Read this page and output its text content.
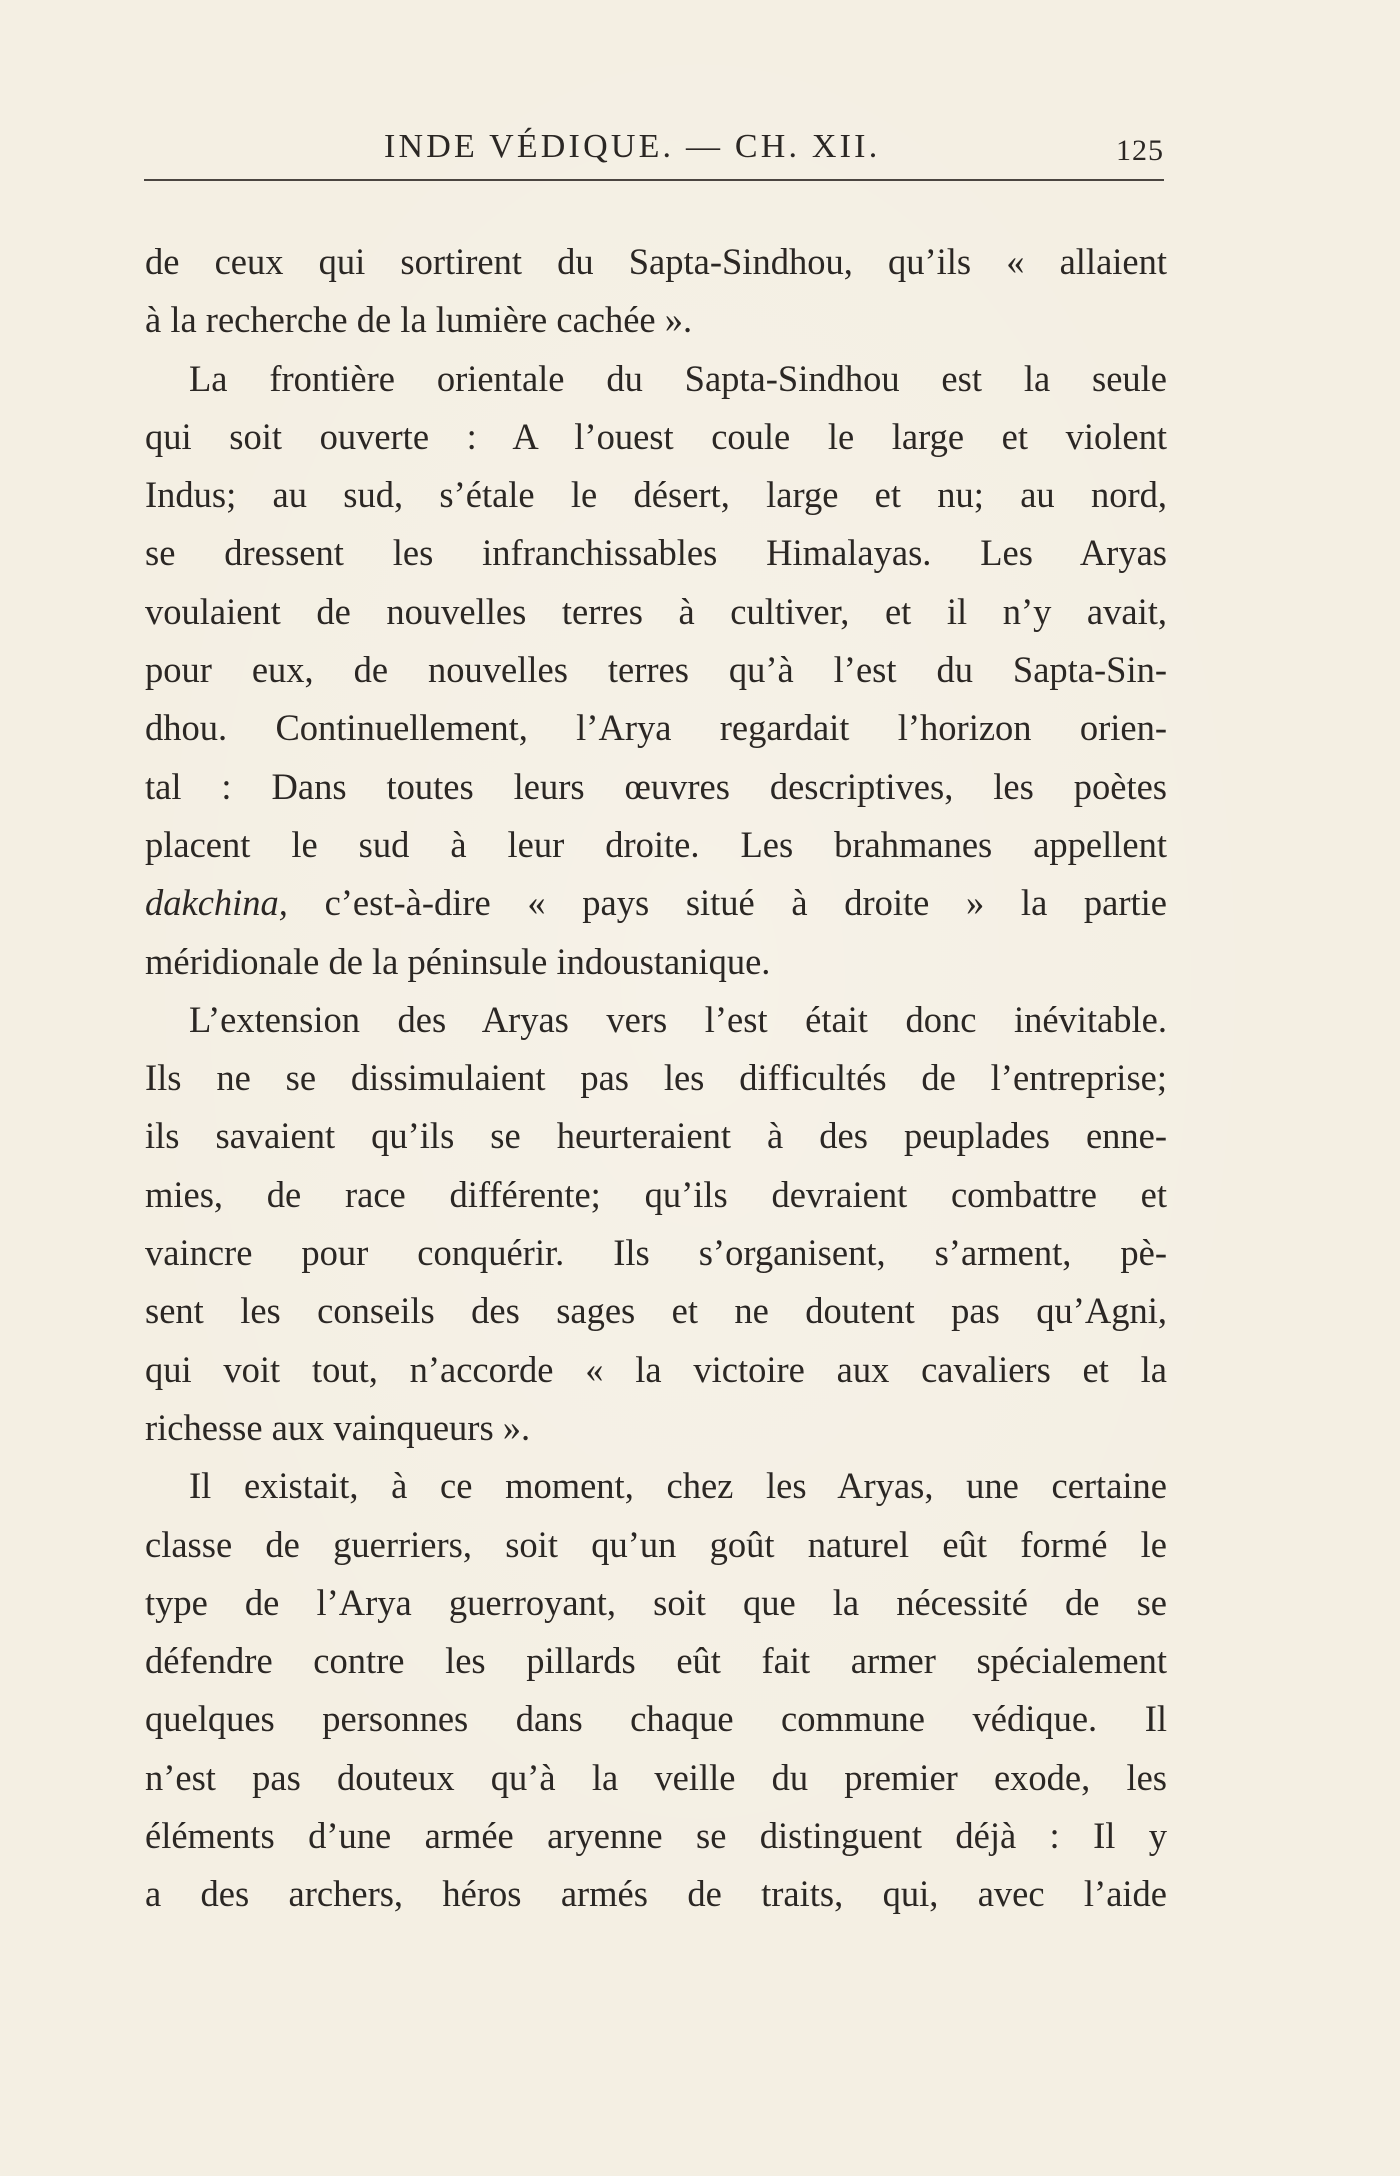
INDE VÉDIQUE. — CH. XII.	125
de ceux qui sortirent du Sapta-Sindhou, qu’ils « allaient
à la recherche de la lumière cachée ».
La frontière orientale du Sapta-Sindhou est la seule
qui soit ouverte : A l’ouest coule le large et violent
Indus; au sud, s’étale le désert, large et nu; au nord,
se dressent les infranchissables Himalayas. Les Aryas
voulaient de nouvelles terres à cultiver, et il n’y avait,
pour eux, de nouvelles terres qu’à l’est du Sapta-Sin-
dhou. Continuellement, l’Arya regardait l’horizon orien-
tal : Dans toutes leurs œuvres descriptives, les poètes
placent le sud à leur droite. Les brahmanes appellent
dakchina, c’est-à-dire « pays situé à droite » la partie
méridionale de la péninsule indoustanique.
L’extension des Aryas vers l’est était donc inévitable.
Ils ne se dissimulaient pas les difficultés de l’entreprise;
ils savaient qu’ils se heurteraient à des peuplades enne-
mies, de race différente; qu’ils devraient combattre et
vaincre pour conquérir. Ils s’organisent, s’arment, pè-
sent les conseils des sages et ne doutent pas qu’Agni,
qui voit tout, n’accorde « la victoire aux cavaliers et la
richesse aux vainqueurs ».
Il existait, à ce moment, chez les Aryas, une certaine
classe de guerriers, soit qu’un goût naturel eût formé le
type de l’Arya guerroyant, soit que la nécessité de se
défendre contre les pillards eût fait armer spécialement
quelques personnes dans chaque commune védique. Il
n’est pas douteux qu’à la veille du premier exode, les
éléments d’une armée aryenne se distinguent déjà : Il y
a des archers, héros armés de traits, qui, avec l’aide
